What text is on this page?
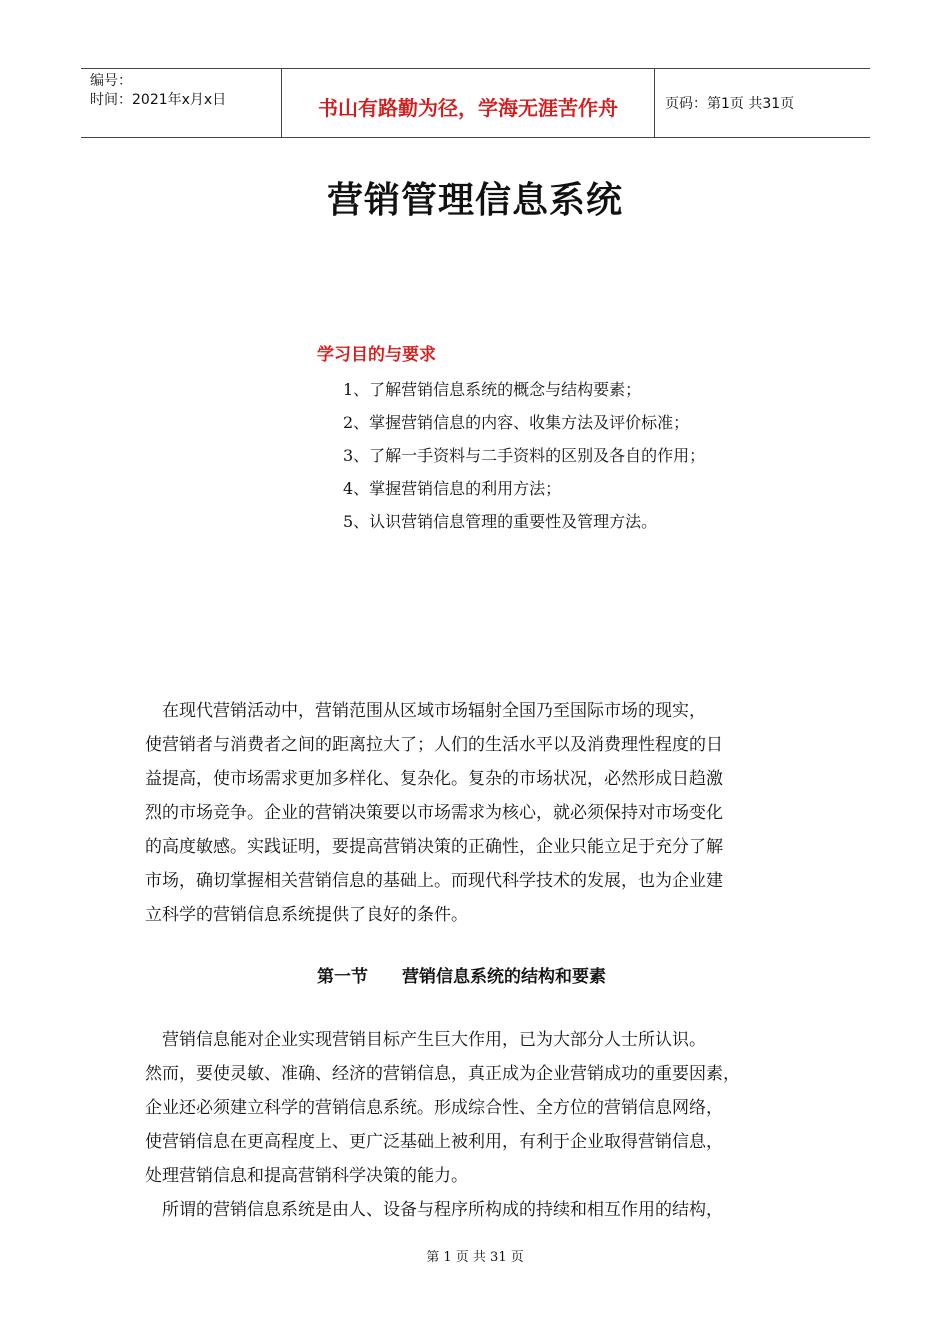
编号：
时间：2021年x月x日	书山有路勤为径，学海无涯苦作舟	页码：第1页 共31页
营销管理信息系统
学习目的与要求
1、了解营销信息系统的概念与结构要素；
2、掌握营销信息的内容、收集方法及评价标准；
3、了解一手资料与二手资料的区别及各自的作用；
4、掌握营销信息的利用方法；
5、认识营销信息管理的重要性及管理方法。
　在现代营销活动中，营销范围从区域市场辐射全国乃至国际市场的现实，
使营销者与消费者之间的距离拉大了；人们的生活水平以及消费理性程度的日
益提高，使市场需求更加多样化、复杂化。复杂的市场状况，必然形成日趋激
烈的市场竞争。企业的营销决策要以市场需求为核心，就必须保持对市场变化
的高度敏感。实践证明，要提高营销决策的正确性，企业只能立足于充分了解
市场，确切掌握相关营销信息的基础上。而现代科学技术的发展，也为企业建
立科学的营销信息系统提供了良好的条件。
第一节　　营销信息系统的结构和要素
　营销信息能对企业实现营销目标产生巨大作用，已为大部分人士所认识。
然而，要使灵敏、准确、经济的营销信息，真正成为企业营销成功的重要因素，
企业还必须建立科学的营销信息系统。形成综合性、全方位的营销信息网络，
使营销信息在更高程度上、更广泛基础上被利用，有利于企业取得营销信息，
处理营销信息和提高营销科学决策的能力。
　所谓的营销信息系统是由人、设备与程序所构成的持续和相互作用的结构，
第 1 页 共 31 页
